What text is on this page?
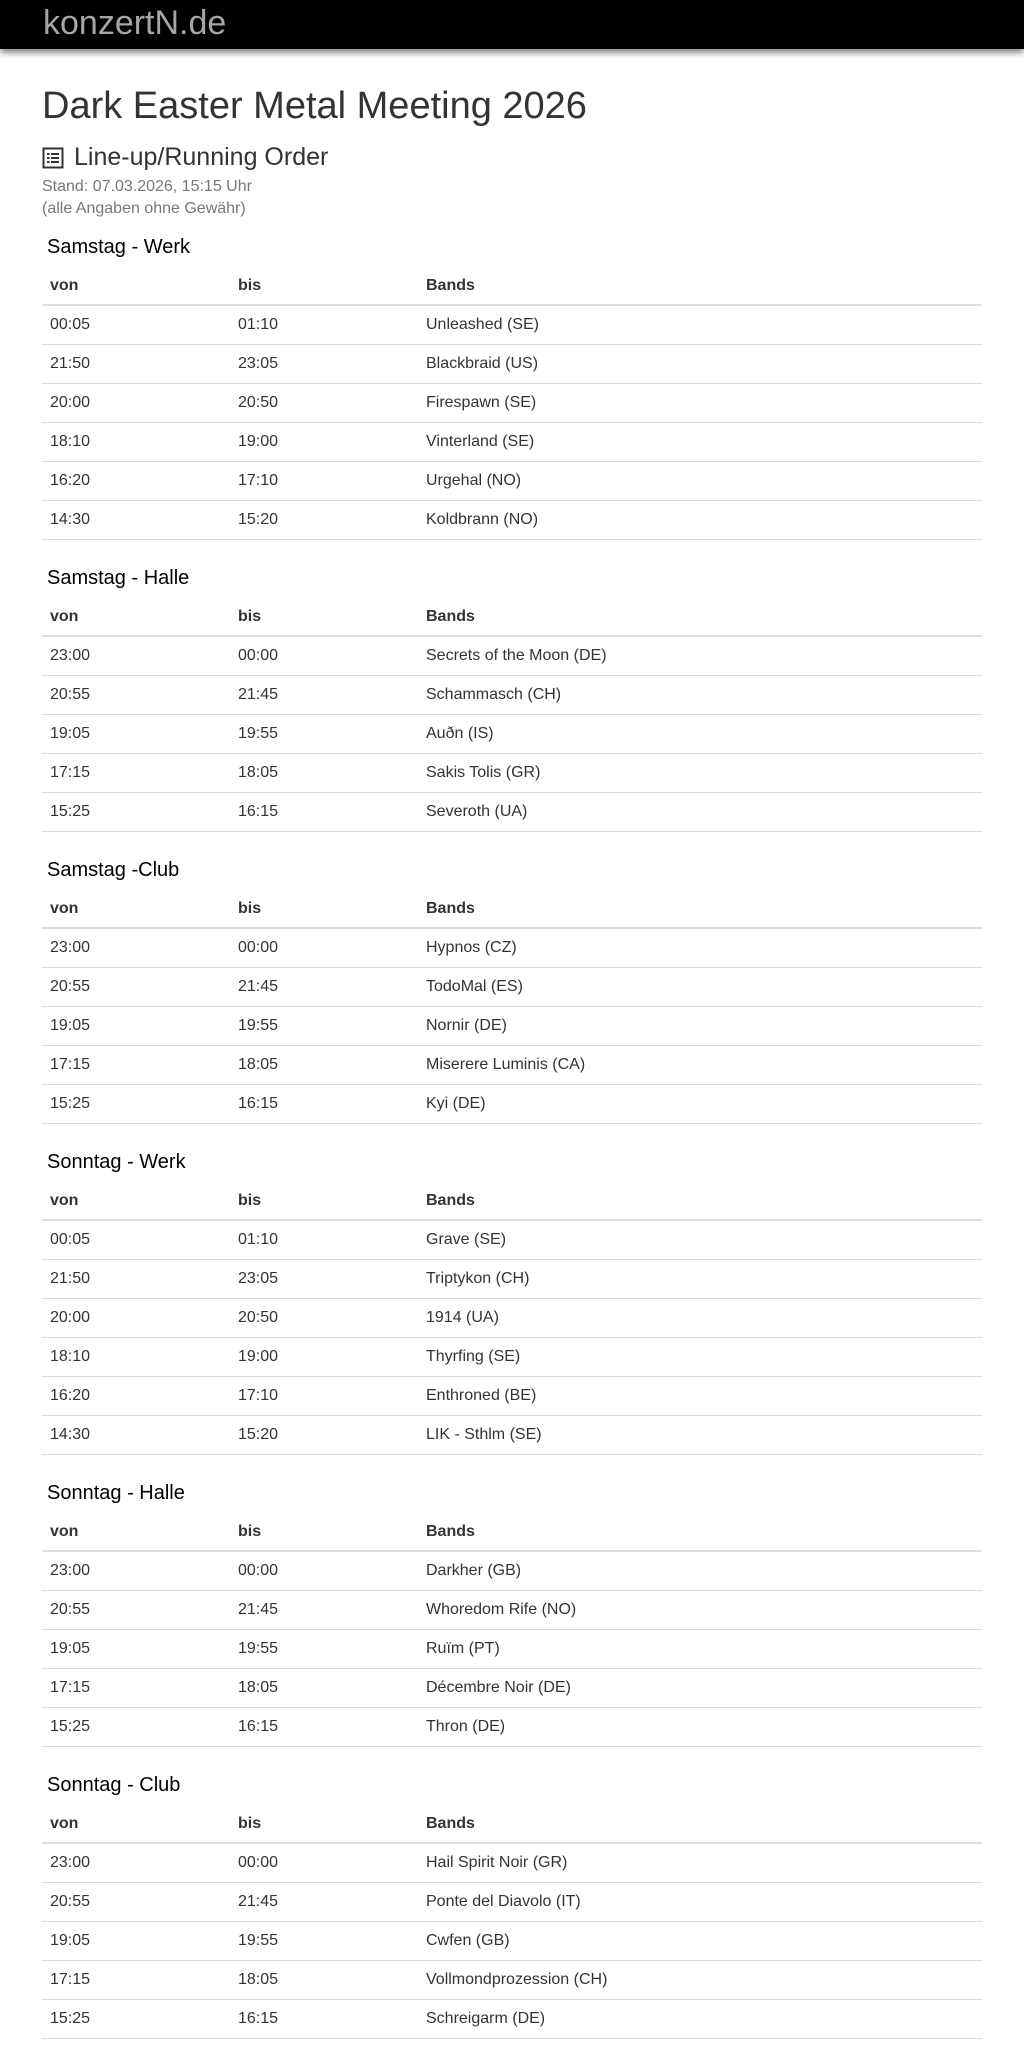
konzertN.de
Dark Easter Metal Meeting 2026
Line-up/Running Order
Stand: 07.03.2026, 15:15 Uhr
(alle Angaben ohne Gewähr)
Samstag - Werk
von	bis	Bands
00:05	01:10	Unleashed (SE)
21:50	23:05	Blackbraid (US)
20:00	20:50	Firespawn (SE)
18:10	19:00	Vinterland (SE)
16:20	17:10	Urgehal (NO)
14:30	15:20	Koldbrann (NO)
Samstag - Halle
von	bis	Bands
23:00	00:00	Secrets of the Moon (DE)
20:55	21:45	Schammasch (CH)
19:05	19:55	Auðn (IS)
17:15	18:05	Sakis Tolis (GR)
15:25	16:15	Severoth (UA)
Samstag -Club
von	bis	Bands
23:00	00:00	Hypnos (CZ)
20:55	21:45	TodoMal (ES)
19:05	19:55	Nornir (DE)
17:15	18:05	Miserere Luminis (CA)
15:25	16:15	Kyi (DE)
Sonntag - Werk
von	bis	Bands
00:05	01:10	Grave (SE)
21:50	23:05	Triptykon (CH)
20:00	20:50	1914 (UA)
18:10	19:00	Thyrfing (SE)
16:20	17:10	Enthroned (BE)
14:30	15:20	LIK - Sthlm (SE)
Sonntag - Halle
von	bis	Bands
23:00	00:00	Darkher (GB)
20:55	21:45	Whoredom Rife (NO)
19:05	19:55	Ruïm (PT)
17:15	18:05	Décembre Noir (DE)
15:25	16:15	Thron (DE)
Sonntag - Club
von	bis	Bands
23:00	00:00	Hail Spirit Noir (GR)
20:55	21:45	Ponte del Diavolo (IT)
19:05	19:55	Cwfen (GB)
17:15	18:05	Vollmondprozession (CH)
15:25	16:15	Schreigarm (DE)
